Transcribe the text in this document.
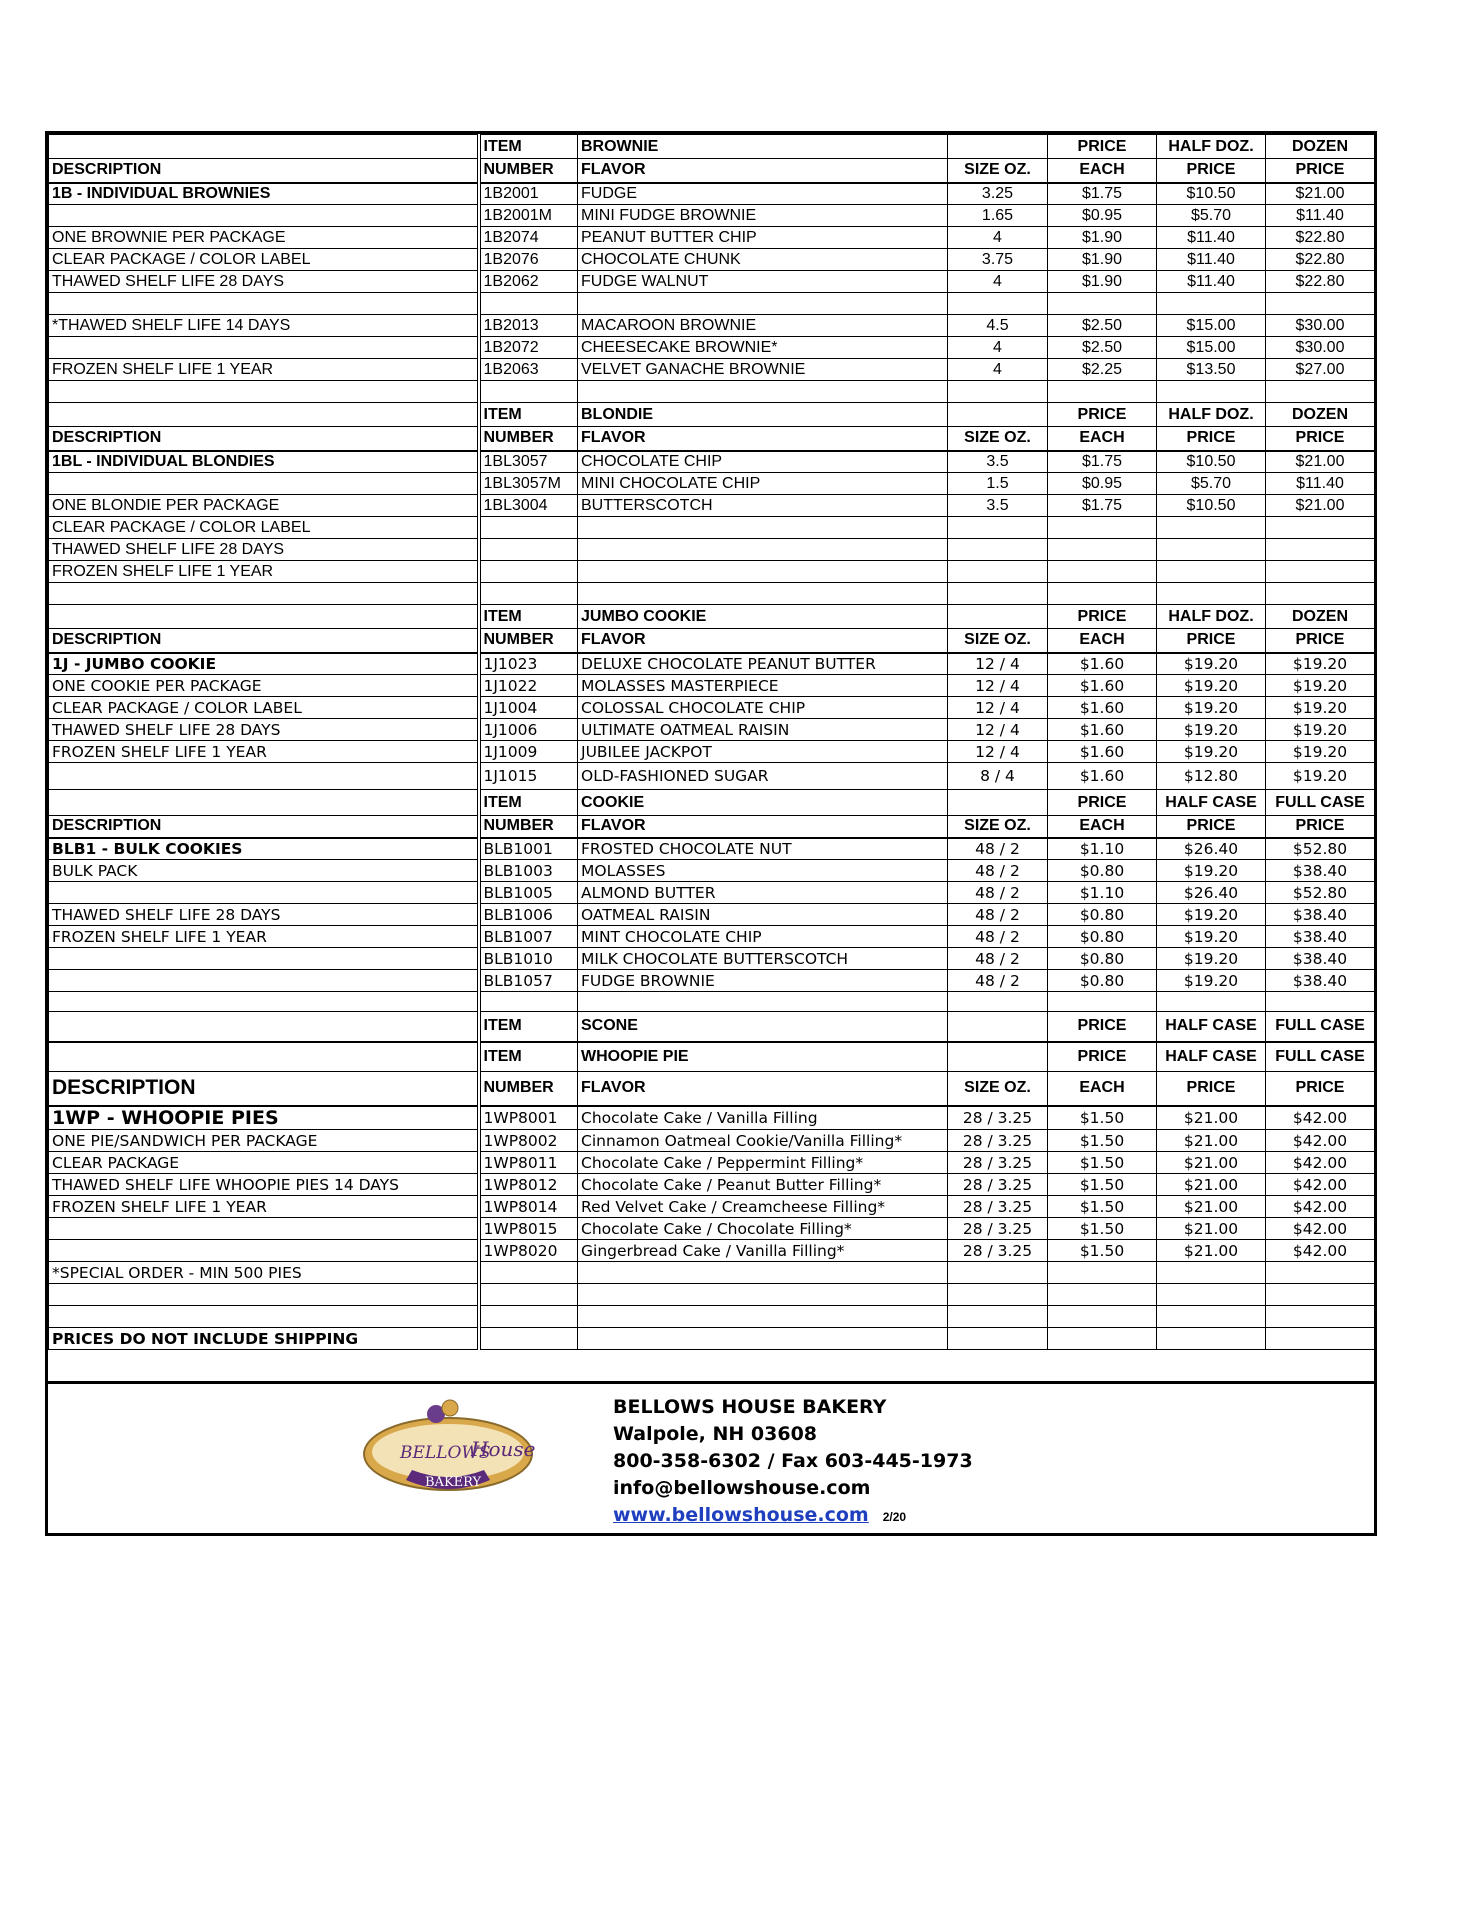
	ITEM	BROWNIE		PRICE	HALF DOZ.	DOZEN
DESCRIPTION	NUMBER	FLAVOR	SIZE OZ.	EACH	PRICE	PRICE
1B - INDIVIDUAL BROWNIES	1B2001	FUDGE	3.25	$1.75	$10.50	$21.00
	1B2001M	MINI FUDGE BROWNIE	1.65	$0.95	$5.70	$11.40
ONE BROWNIE PER PACKAGE	1B2074	PEANUT BUTTER CHIP	4	$1.90	$11.40	$22.80
CLEAR PACKAGE / COLOR LABEL	1B2076	CHOCOLATE CHUNK	3.75	$1.90	$11.40	$22.80
THAWED SHELF LIFE 28 DAYS	1B2062	FUDGE WALNUT	4	$1.90	$11.40	$22.80

*THAWED SHELF LIFE 14 DAYS	1B2013	MACAROON BROWNIE	4.5	$2.50	$15.00	$30.00
	1B2072	CHEESECAKE BROWNIE*	4	$2.50	$15.00	$30.00
FROZEN SHELF LIFE 1 YEAR	1B2063	VELVET GANACHE BROWNIE	4	$2.25	$13.50	$27.00

	ITEM	BLONDIE		PRICE	HALF DOZ.	DOZEN
DESCRIPTION	NUMBER	FLAVOR	SIZE OZ.	EACH	PRICE	PRICE
1BL - INDIVIDUAL BLONDIES	1BL3057	CHOCOLATE CHIP	3.5	$1.75	$10.50	$21.00
	1BL3057M	MINI CHOCOLATE CHIP	1.5	$0.95	$5.70	$11.40
ONE BLONDIE PER PACKAGE	1BL3004	BUTTERSCOTCH	3.5	$1.75	$10.50	$21.00
CLEAR PACKAGE / COLOR LABEL						
THAWED SHELF LIFE 28 DAYS						
FROZEN SHELF LIFE 1 YEAR						

	ITEM	JUMBO COOKIE		PRICE	HALF DOZ.	DOZEN
DESCRIPTION	NUMBER	FLAVOR	SIZE OZ.	EACH	PRICE	PRICE
1J - JUMBO COOKIE	1J1023	DELUXE CHOCOLATE PEANUT BUTTER	12 / 4	$1.60	$19.20	$19.20
ONE COOKIE PER PACKAGE	1J1022	MOLASSES MASTERPIECE	12 / 4	$1.60	$19.20	$19.20
CLEAR PACKAGE / COLOR LABEL	1J1004	COLOSSAL CHOCOLATE CHIP	12 / 4	$1.60	$19.20	$19.20
THAWED SHELF LIFE 28 DAYS	1J1006	ULTIMATE OATMEAL RAISIN	12 / 4	$1.60	$19.20	$19.20
FROZEN SHELF LIFE 1 YEAR	1J1009	JUBILEE JACKPOT	12 / 4	$1.60	$19.20	$19.20
	1J1015	OLD-FASHIONED SUGAR	8 / 4	$1.60	$12.80	$19.20
	ITEM	COOKIE		PRICE	HALF CASE	FULL CASE
DESCRIPTION	NUMBER	FLAVOR	SIZE OZ.	EACH	PRICE	PRICE
BLB1 - BULK COOKIES	BLB1001	FROSTED CHOCOLATE NUT	48 / 2	$1.10	$26.40	$52.80
BULK PACK	BLB1003	MOLASSES	48 / 2	$0.80	$19.20	$38.40
	BLB1005	ALMOND BUTTER	48 / 2	$1.10	$26.40	$52.80
THAWED SHELF LIFE 28 DAYS	BLB1006	OATMEAL RAISIN	48 / 2	$0.80	$19.20	$38.40
FROZEN SHELF LIFE 1 YEAR	BLB1007	MINT CHOCOLATE CHIP	48 / 2	$0.80	$19.20	$38.40
	BLB1010	MILK CHOCOLATE BUTTERSCOTCH	48 / 2	$0.80	$19.20	$38.40
	BLB1057	FUDGE BROWNIE	48 / 2	$0.80	$19.20	$38.40

	ITEM	SCONE		PRICE	HALF CASE	FULL CASE
	ITEM	WHOOPIE PIE		PRICE	HALF CASE	FULL CASE
DESCRIPTION	NUMBER	FLAVOR	SIZE OZ.	EACH	PRICE	PRICE
1WP - WHOOPIE PIES	1WP8001	Chocolate Cake / Vanilla Filling	28 / 3.25	$1.50	$21.00	$42.00
ONE PIE/SANDWICH PER PACKAGE	1WP8002	Cinnamon Oatmeal Cookie/Vanilla Filling*	28 / 3.25	$1.50	$21.00	$42.00
CLEAR PACKAGE	1WP8011	Chocolate Cake / Peppermint Filling*	28 / 3.25	$1.50	$21.00	$42.00
THAWED SHELF LIFE WHOOPIE PIES 14 DAYS	1WP8012	Chocolate Cake / Peanut Butter Filling*	28 / 3.25	$1.50	$21.00	$42.00
FROZEN SHELF LIFE 1 YEAR	1WP8014	Red Velvet Cake / Creamcheese Filling*	28 / 3.25	$1.50	$21.00	$42.00
	1WP8015	Chocolate Cake / Chocolate Filling*	28 / 3.25	$1.50	$21.00	$42.00
	1WP8020	Gingerbread Cake / Vanilla Filling*	28 / 3.25	$1.50	$21.00	$42.00
*SPECIAL ORDER - MIN 500 PIES						

PRICES DO NOT INCLUDE SHIPPING						
BELLOWS
House
BAKERY
BELLOWS HOUSE BAKERY
Walpole, NH 03608
800-358-6302 / Fax 603-445-1973
info@bellowshouse.com
www.bellowshouse.com 2/20
